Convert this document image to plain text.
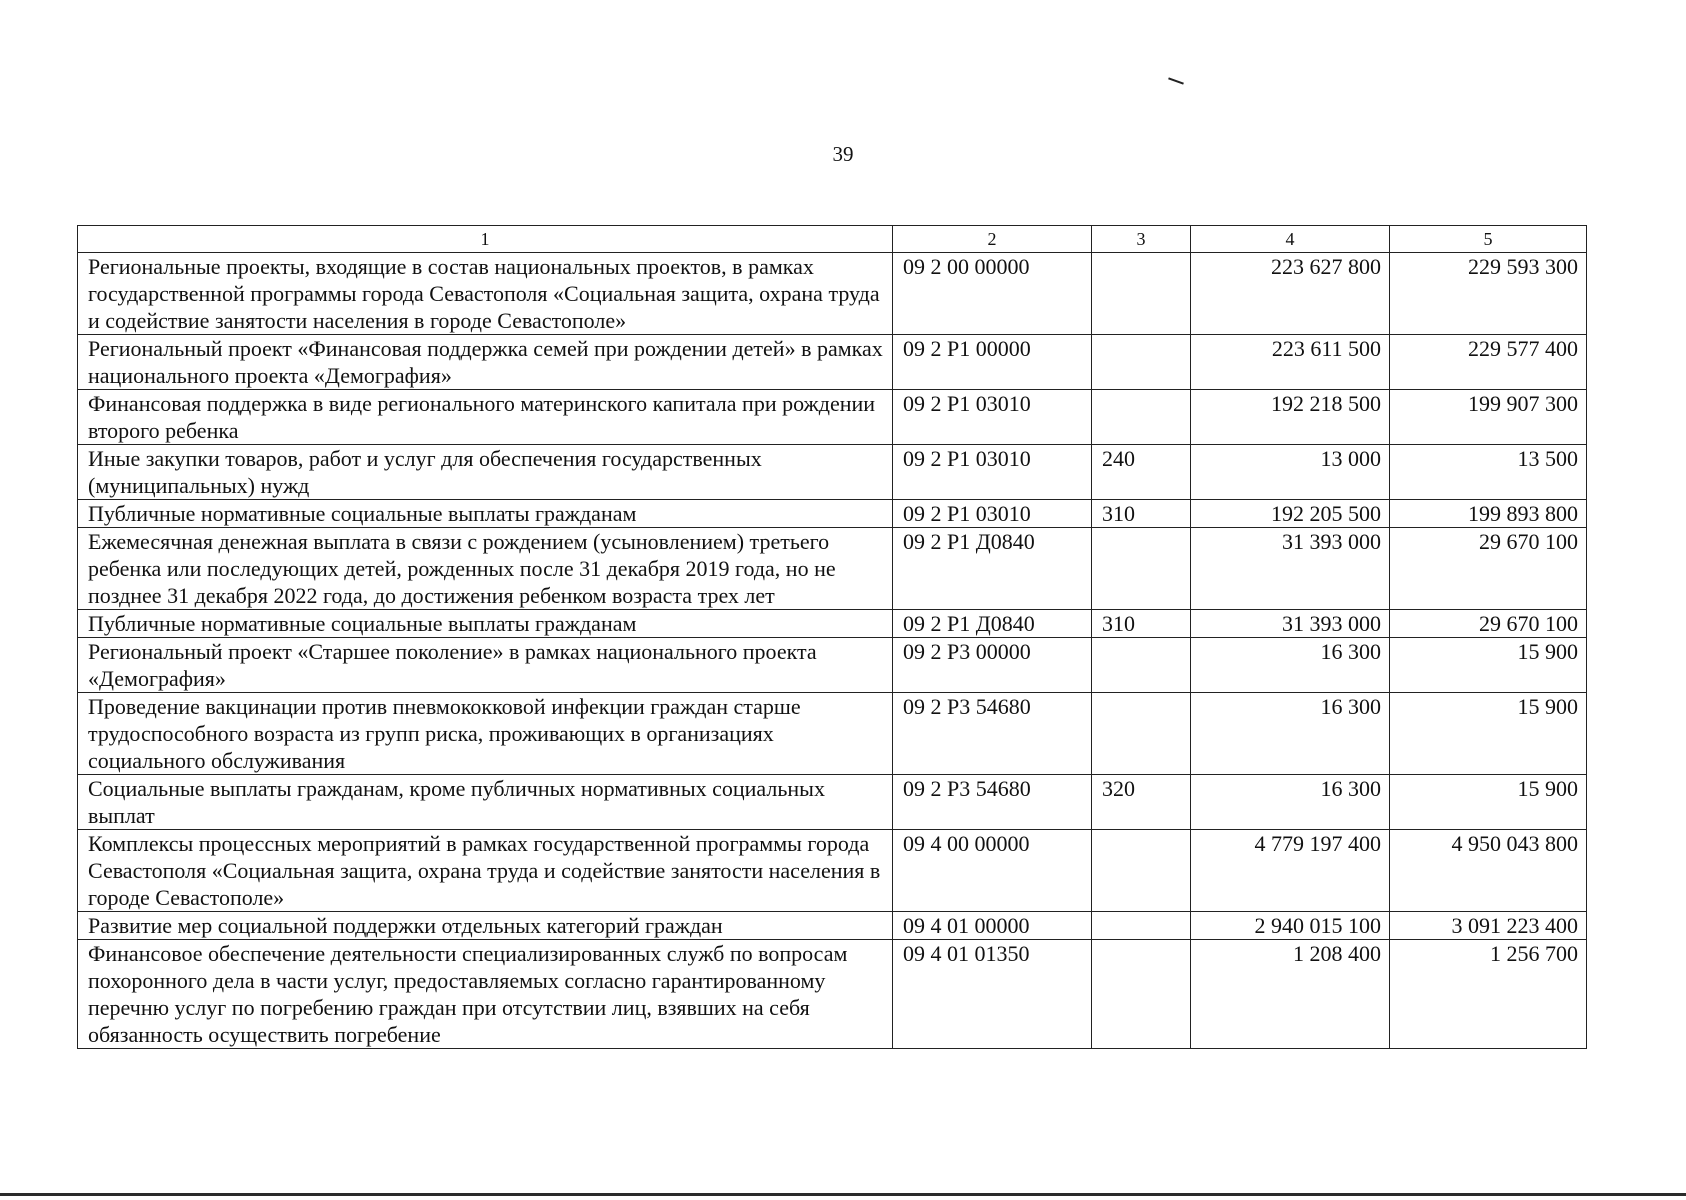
39
1	2	3	4	5
Региональные проекты, входящие в состав национальных проектов, в рамках государственной программы города Севастополя «Социальная защита, охрана труда и содействие занятости населения в городе Севастополе»	09 2 00 00000		223 627 800	229 593 300
Региональный проект «Финансовая поддержка семей при рождении детей» в рамках национального проекта «Демография»	09 2 P1 00000		223 611 500	229 577 400
Финансовая поддержка в виде регионального материнского капитала при рождении второго ребенка	09 2 P1 03010		192 218 500	199 907 300
Иные закупки товаров, работ и услуг для обеспечения государственных (муниципальных) нужд	09 2 P1 03010	240	13 000	13 500
Публичные нормативные социальные выплаты гражданам	09 2 P1 03010	310	192 205 500	199 893 800
Ежемесячная денежная выплата в связи с рождением (усыновлением) третьего ребенка или последующих детей, рожденных после 31 декабря 2019 года, но не позднее 31 декабря 2022 года, до достижения ребенком возраста трех лет	09 2 P1 Д0840		31 393 000	29 670 100
Публичные нормативные социальные выплаты гражданам	09 2 P1 Д0840	310	31 393 000	29 670 100
Региональный проект «Старшее поколение» в рамках национального проекта «Демография»	09 2 P3 00000		16 300	15 900
Проведение вакцинации против пневмококковой инфекции граждан старше трудоспособного возраста из групп риска, проживающих в организациях социального обслуживания	09 2 P3 54680		16 300	15 900
Социальные выплаты гражданам, кроме публичных нормативных социальных выплат	09 2 P3 54680	320	16 300	15 900
Комплексы процессных мероприятий в рамках государственной программы города Севастополя «Социальная защита, охрана труда и содействие занятости населения в городе Севастополе»	09 4 00 00000		4 779 197 400	4 950 043 800
Развитие мер социальной поддержки отдельных категорий граждан	09 4 01 00000		2 940 015 100	3 091 223 400
Финансовое обеспечение деятельности специализированных служб по вопросам похоронного дела в части услуг, предоставляемых согласно гарантированному перечню услуг по погребению граждан при отсутствии лиц, взявших на себя обязанность осуществить погребение	09 4 01 01350		1 208 400	1 256 700
